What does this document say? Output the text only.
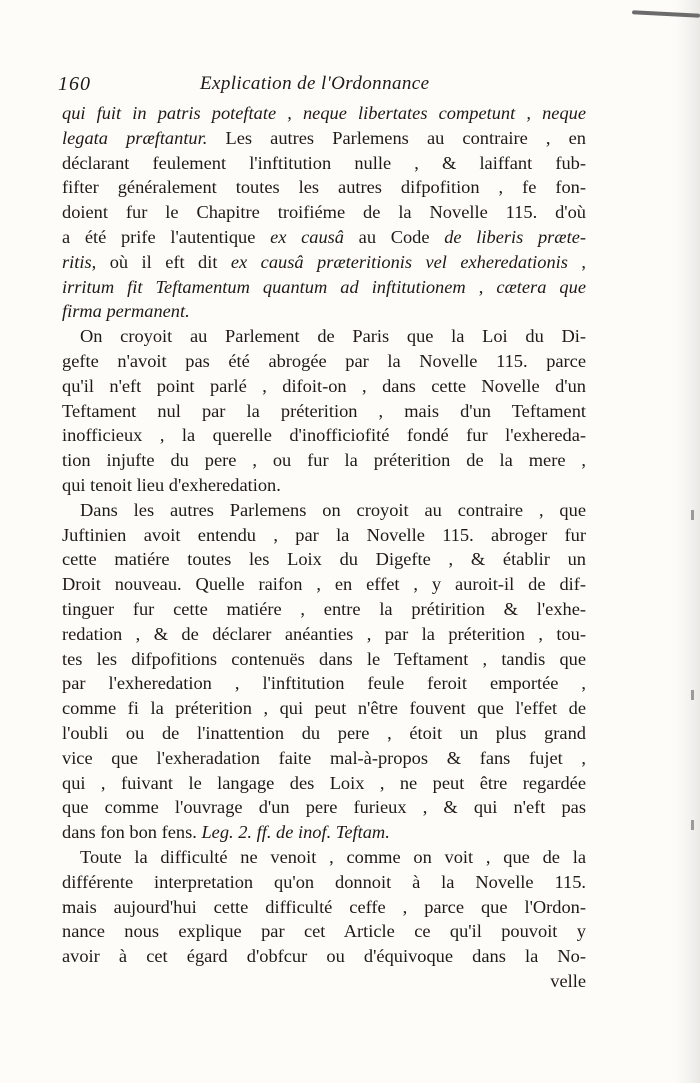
160	Explication de l'Ordonnance
qui fuit in patris poteftate , neque libertates competunt , neque
legata præftantur. Les autres Parlemens au contraire , en
déclarant feulement l'inftitution nulle , & laiffant fub-
fifter généralement toutes les autres difpofition , fe fon-
doient fur le Chapitre troifiéme de la Novelle 115. d'où
a été prife l'autentique ex causâ au Code de liberis præte-
ritis, où il eft dit ex causâ præteritionis vel exheredationis ,
irritum fit Teftamentum quantum ad inftitutionem , cætera que
firma permanent.
On croyoit au Parlement de Paris que la Loi du Di-
gefte n'avoit pas été abrogée par la Novelle 115. parce
qu'il n'eft point parlé , difoit-on , dans cette Novelle d'un
Teftament nul par la préterition , mais d'un Teftament
inofficieux , la querelle d'inofficiofité fondé fur l'exhereda-
tion injufte du pere , ou fur la préterition de la mere ,
qui tenoit lieu d'exheredation.
Dans les autres Parlemens on croyoit au contraire , que
Juftinien avoit entendu , par la Novelle 115. abroger fur
cette matiére toutes les Loix du Digefte , & établir un
Droit nouveau. Quelle raifon , en effet , y auroit-il de dif-
tinguer fur cette matiére , entre la prétirition & l'exhe-
redation , & de déclarer anéanties , par la préterition , tou-
tes les difpofitions contenuës dans le Teftament , tandis que
par l'exheredation , l'inftitution feule feroit emportée ,
comme fi la préterition , qui peut n'être fouvent que l'effet de
l'oubli ou de l'inattention du pere , étoit un plus grand
vice que l'exheradation faite mal-à-propos & fans fujet ,
qui , fuivant le langage des Loix , ne peut être regardée
que comme l'ouvrage d'un pere furieux , & qui n'eft pas
dans fon bon fens. Leg. 2. ff. de inof. Teftam.
Toute la difficulté ne venoit , comme on voit , que de la
différente interpretation qu'on donnoit à la Novelle 115.
mais aujourd'hui cette difficulté ceffe , parce que l'Ordon-
nance nous explique par cet Article ce qu'il pouvoit y
avoir à cet égard d'obfcur ou d'équivoque dans la No-
velle
